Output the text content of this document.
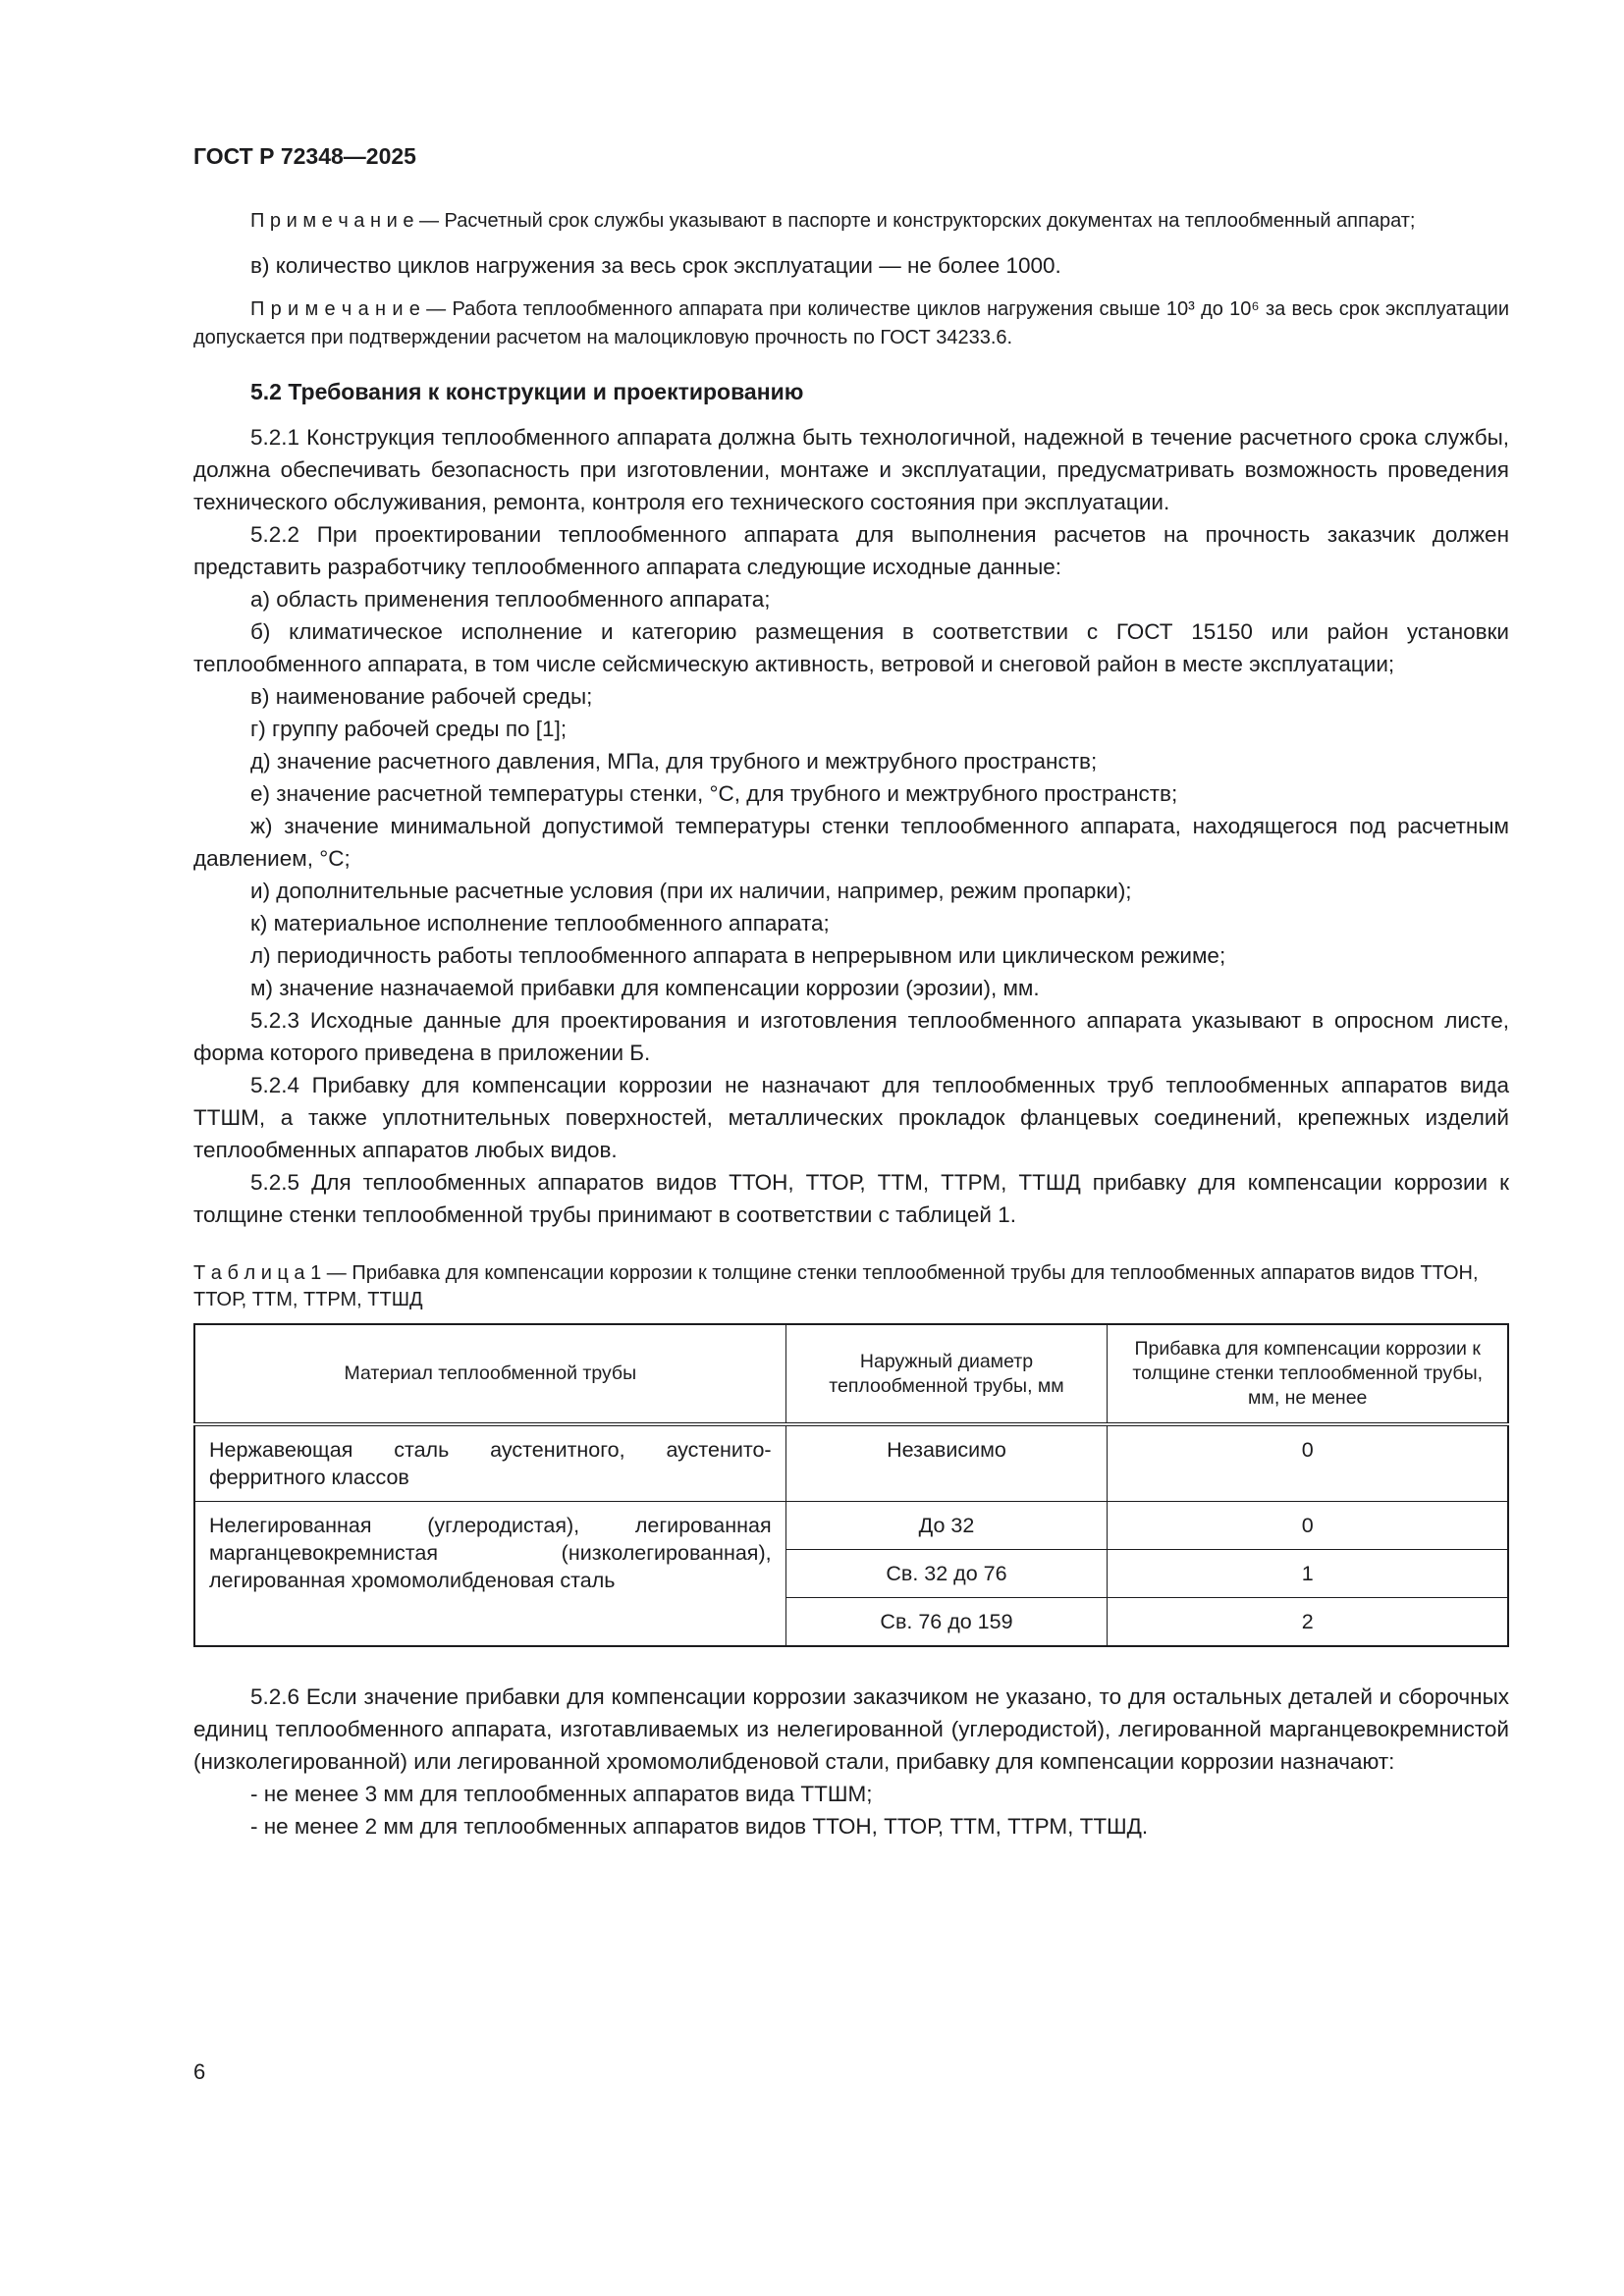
ГОСТ Р 72348—2025

П р и м е ч а н и е — Расчетный срок службы указывают в паспорте и конструкторских документах на теплообменный аппарат;

в) количество циклов нагружения за весь срок эксплуатации — не более 1000.

П р и м е ч а н и е — Работа теплообменного аппарата при количестве циклов нагружения свыше 10³ до 10⁶ за весь срок эксплуатации допускается при подтверждении расчетом на малоцикловую прочность по ГОСТ 34233.6.

5.2 Требования к конструкции и проектированию

5.2.1 Конструкция теплообменного аппарата должна быть технологичной, надежной в течение расчетного срока службы, должна обеспечивать безопасность при изготовлении, монтаже и эксплуатации, предусматривать возможность проведения технического обслуживания, ремонта, контроля его технического состояния при эксплуатации.

5.2.2 При проектировании теплообменного аппарата для выполнения расчетов на прочность заказчик должен представить разработчику теплообменного аппарата следующие исходные данные:

а) область применения теплообменного аппарата;

б) климатическое исполнение и категорию размещения в соответствии с ГОСТ 15150 или район установки теплообменного аппарата, в том числе сейсмическую активность, ветровой и снеговой район в месте эксплуатации;

в) наименование рабочей среды;

г) группу рабочей среды по [1];

д) значение расчетного давления, МПа, для трубного и межтрубного пространств;

е) значение расчетной температуры стенки, °С, для трубного и межтрубного пространств;

ж) значение минимальной допустимой температуры стенки теплообменного аппарата, находящегося под расчетным давлением, °С;

и) дополнительные расчетные условия (при их наличии, например, режим пропарки);

к) материальное исполнение теплообменного аппарата;

л) периодичность работы теплообменного аппарата в непрерывном или циклическом режиме;

м) значение назначаемой прибавки для компенсации коррозии (эрозии), мм.

5.2.3 Исходные данные для проектирования и изготовления теплообменного аппарата указывают в опросном листе, форма которого приведена в приложении Б.

5.2.4 Прибавку для компенсации коррозии не назначают для теплообменных труб теплообменных аппаратов вида ТТШМ, а также уплотнительных поверхностей, металлических прокладок фланцевых соединений, крепежных изделий теплообменных аппаратов любых видов.

5.2.5 Для теплообменных аппаратов видов ТТОН, ТТОР, ТТМ, ТТРМ, ТТШД прибавку для компенсации коррозии к толщине стенки теплообменной трубы принимают в соответствии с таблицей 1.

Т а б л и ц а 1 — Прибавка для компенсации коррозии к толщине стенки теплообменной трубы для теплообменных аппаратов видов ТТОН, ТТОР, ТТМ, ТТРМ, ТТШД

Материал теплообменной трубы	Наружный диаметр теплообменной трубы, мм	Прибавка для компенсации коррозии к толщине стенки теплообменной трубы, мм, не менее
Нержавеющая сталь аустенитного, аустенито-ферритного классов	Независимо	0
Нелегированная (углеродистая), легированная марганцевокремнистая (низколегированная), легированная хромомолибденовая сталь	До 32	0
	Св. 32 до 76	1
	Св. 76 до 159	2

5.2.6 Если значение прибавки для компенсации коррозии заказчиком не указано, то для остальных деталей и сборочных единиц теплообменного аппарата, изготавливаемых из нелегированной (углеродистой), легированной марганцевокремнистой (низколегированной) или легированной хромомолибденовой стали, прибавку для компенсации коррозии назначают:

- не менее 3 мм для теплообменных аппаратов вида ТТШМ;

- не менее 2 мм для теплообменных аппаратов видов ТТОН, ТТОР, ТТМ, ТТРМ, ТТШД.

6
